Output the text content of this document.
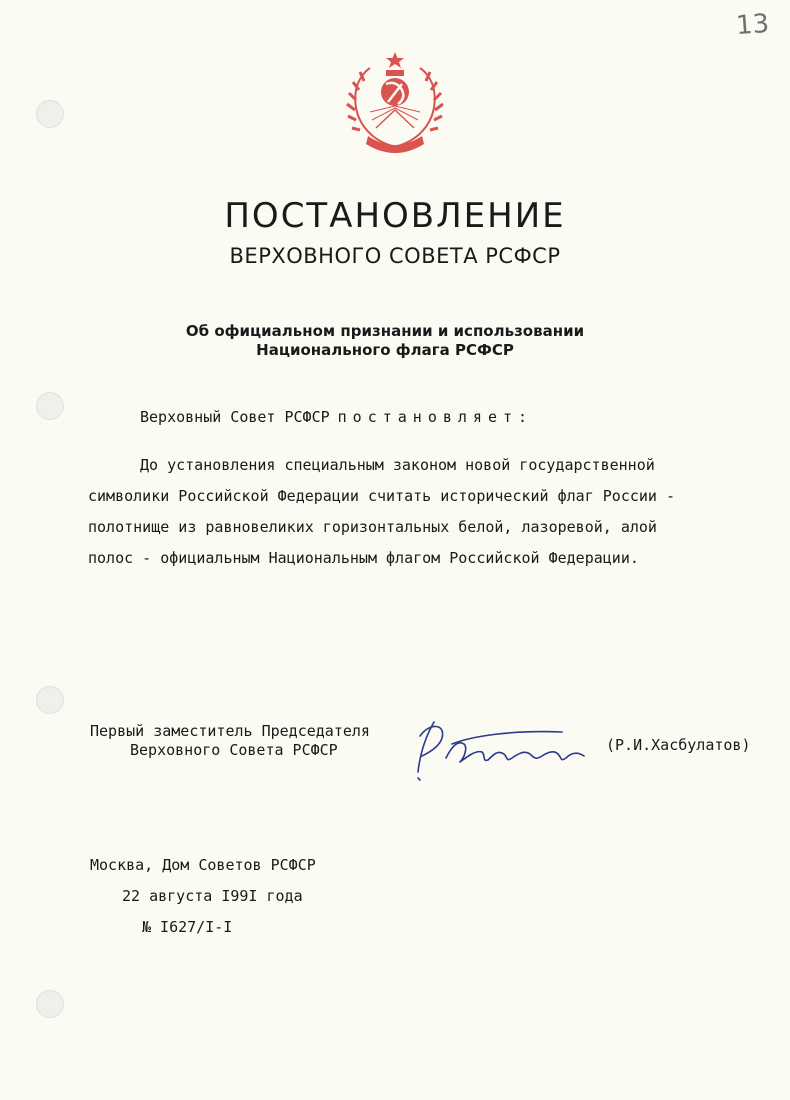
13
ПОСТАНОВЛЕНИЕ
ВЕРХОВНОГО СОВЕТА РСФСР
Об официальном признании и использовании
Национального флага РСФСР
Верховный Совет РСФСР постановляет:
До установления специальным законом новой государственной
символики Российской Федерации считать исторический флаг России -
полотнище из равновеликих горизонтальных белой, лазоревой, алой
полос - официальным Национальным флагом Российской Федерации.
Первый заместитель Председателя
Верховного Совета РСФСР	(Р.И.Хасбулатов)
Москва, Дом Советов РСФСР
22 августа I99I года
№ I627/I-I
